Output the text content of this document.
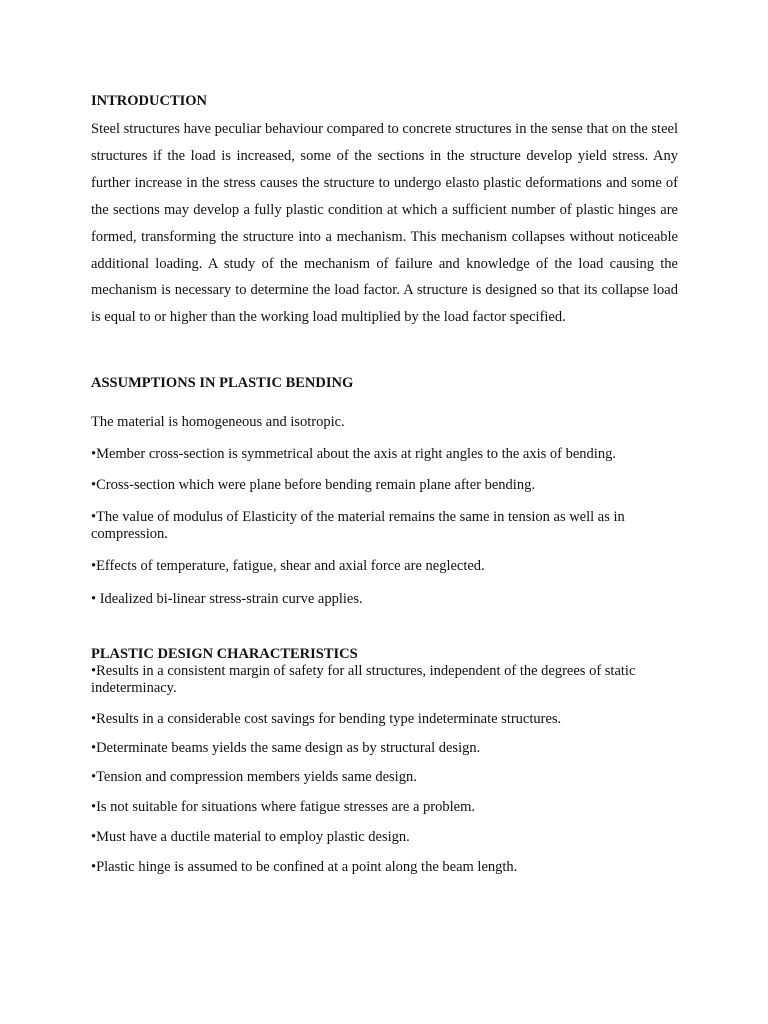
INTRODUCTION

Steel structures have peculiar behaviour compared to concrete structures in the sense that on the steel structures if the load is increased, some of the sections in the structure develop yield stress. Any further increase in the stress causes the structure to undergo elasto plastic deformations and some of the sections may develop a fully plastic condition at which a sufficient number of plastic hinges are formed, transforming the structure into a mechanism. This mechanism collapses without noticeable additional loading. A study of the mechanism of failure and knowledge of the load causing the mechanism is necessary to determine the load factor. A structure is designed so that its collapse load is equal to or higher than the working load multiplied by the load factor specified.

ASSUMPTIONS IN PLASTIC BENDING

The material is homogeneous and isotropic.

•Member cross-section is symmetrical about the axis at right angles to the axis of bending.

•Cross-section which were plane before bending remain plane after bending.

•The value of modulus of Elasticity of the material remains the same in tension as well as in compression.

•Effects of temperature, fatigue, shear and axial force are neglected.

• Idealized bi-linear stress-strain curve applies.

PLASTIC DESIGN CHARACTERISTICS

•Results in a consistent margin of safety for all structures, independent of the degrees of static indeterminacy.

•Results in a considerable cost savings for bending type indeterminate structures.

•Determinate beams yields the same design as by structural design.

•Tension and compression members yields same design.

•Is not suitable for situations where fatigue stresses are a problem.

•Must have a ductile material to employ plastic design.

•Plastic hinge is assumed to be confined at a point along the beam length.
